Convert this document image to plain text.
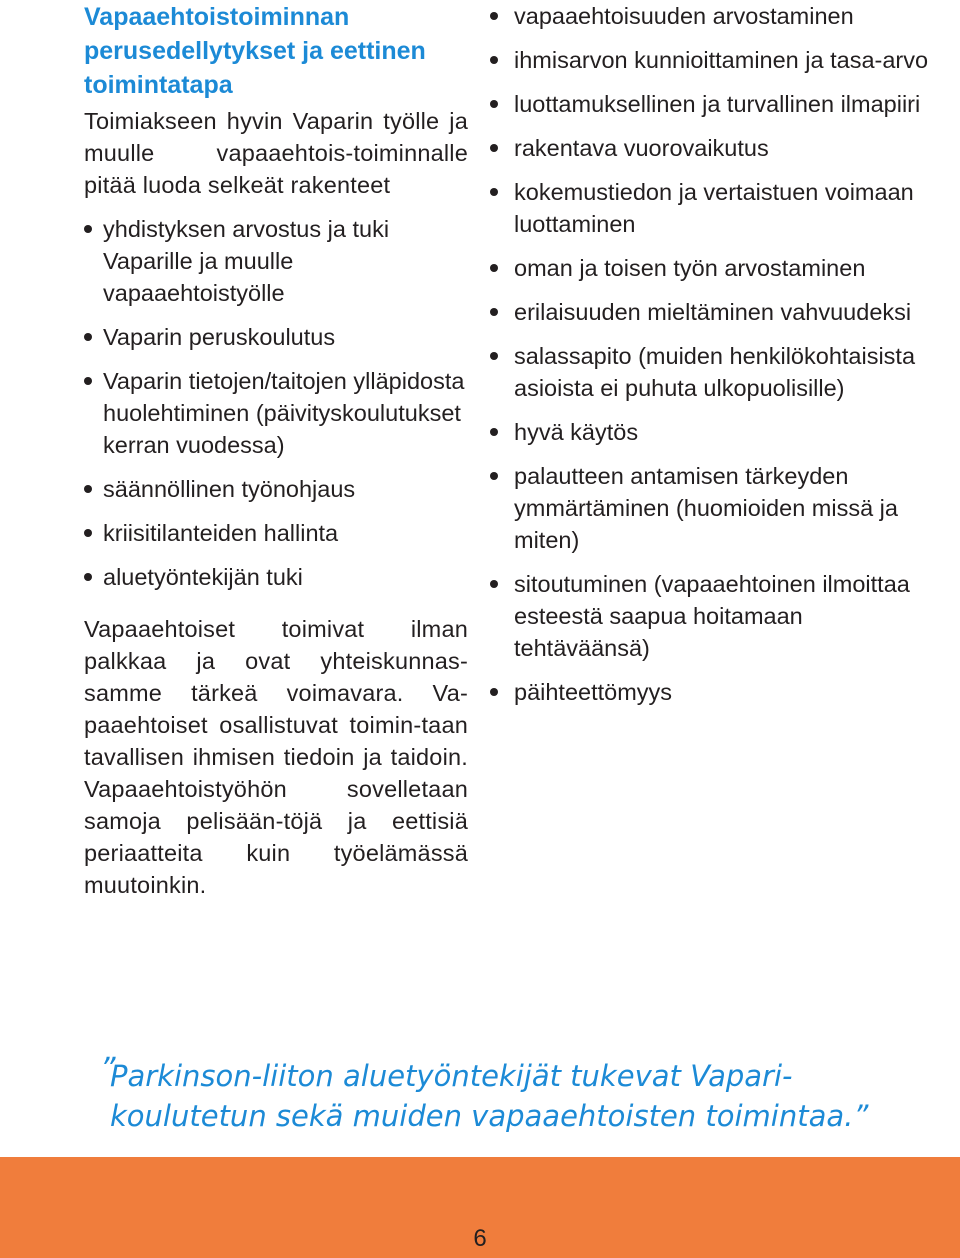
Vapaaehtoistoiminnan
perusedellytykset ja eettinen
toimintatapa

Toimiakseen hyvin Vaparin työlle ja muulle vapaaehtois-toiminnalle pitää luoda selkeät rakenteet

yhdistyksen arvostus ja tuki Vaparille ja muulle vapaaehtoistyölle
Vaparin peruskoulutus
Vaparin tietojen/taitojen ylläpidosta huolehtiminen (päivityskoulutukset kerran vuodessa)
säännöllinen työnohjaus
kriisitilanteiden hallinta
aluetyöntekijän tuki

Vapaaehtoiset toimivat ilman palkkaa ja ovat yhteiskunnas-samme tärkeä voimavara. Va-paaehtoiset osallistuvat toimin-taan tavallisen ihmisen tiedoin ja taidoin. Vapaaehtoistyöhön sovelletaan samoja pelisään-töjä ja eettisiä periaatteita kuin työelämässä muutoinkin.

vapaaehtoisuuden arvostaminen
ihmisarvon kunnioittaminen ja tasa-arvo
luottamuksellinen ja turvallinen ilmapiiri
rakentava vuorovaikutus
kokemustiedon ja vertaistuen voimaan luottaminen
oman ja toisen työn arvostaminen
erilaisuuden mieltäminen vahvuudeksi
salassapito (muiden henkilökohtaisista asioista ei puhuta ulkopuolisille)
hyvä käytös
palautteen antamisen tärkeyden ymmärtäminen (huomioiden missä ja miten)
sitoutuminen (vapaaehtoinen ilmoittaa esteestä saapua hoitamaan tehtäväänsä)
päihteettömyys
”
Parkinson-liiton aluetyöntekijät tukevat Vapari-
koulutetun sekä muiden vapaaehtoisten toimintaa.”
6
